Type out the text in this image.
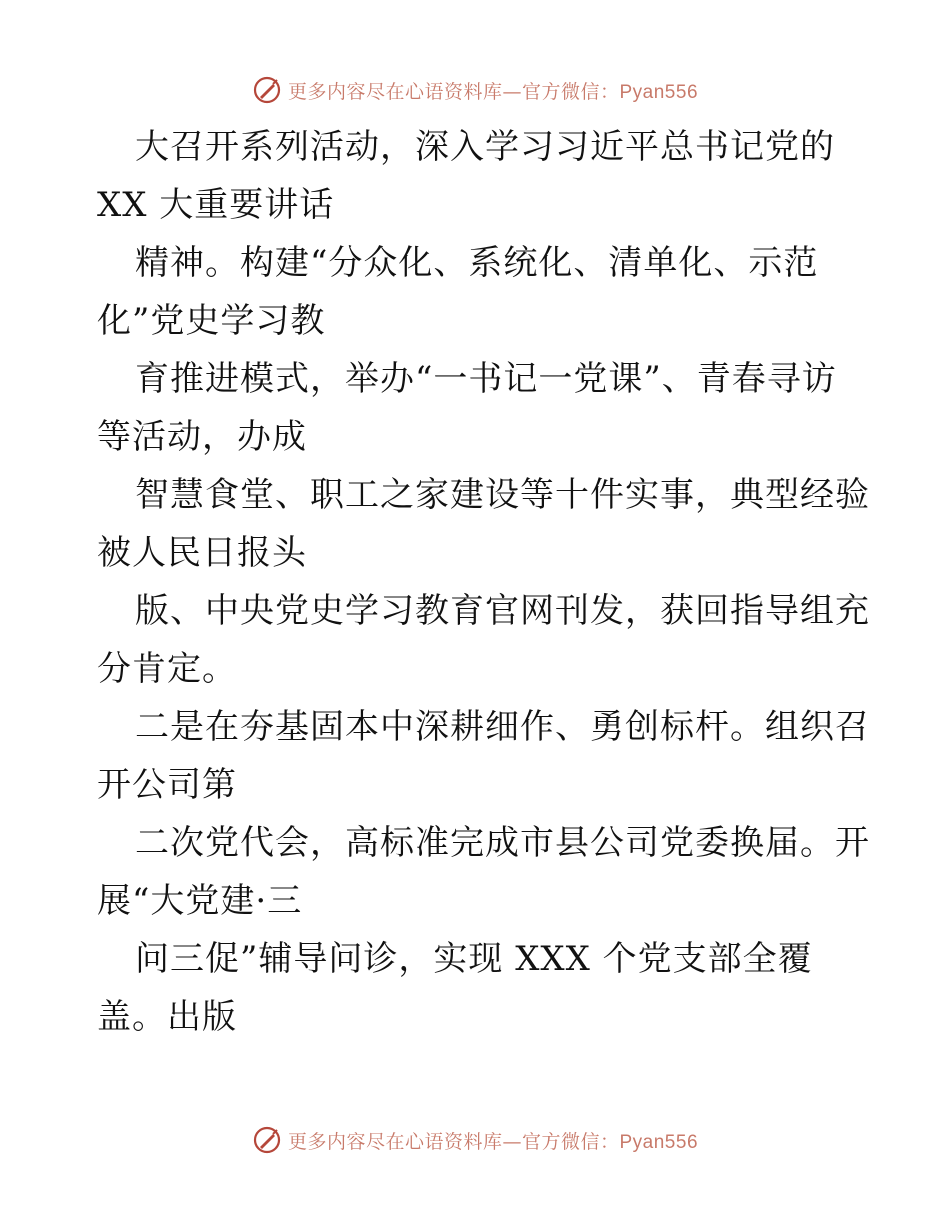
更多内容尽在心语资料库—官方微信：Pyan556
大召开系列活动，深入学习习近平总书记党的
XX 大重要讲话
精神。构建“分众化、系统化、清单化、示范
化”党史学习教
育推进模式，举办“一书记一党课”、青春寻访
等活动，办成
智慧食堂、职工之家建设等十件实事，典型经验
被人民日报头
版、中央党史学习教育官网刊发，获回指导组充
分肯定。
二是在夯基固本中深耕细作、勇创标杆。组织召
开公司第
二次党代会，高标准完成市县公司党委换届。开
展“大党建·三
问三促”辅导问诊，实现 XXX 个党支部全覆
盖。出版
更多内容尽在心语资料库—官方微信：Pyan556
